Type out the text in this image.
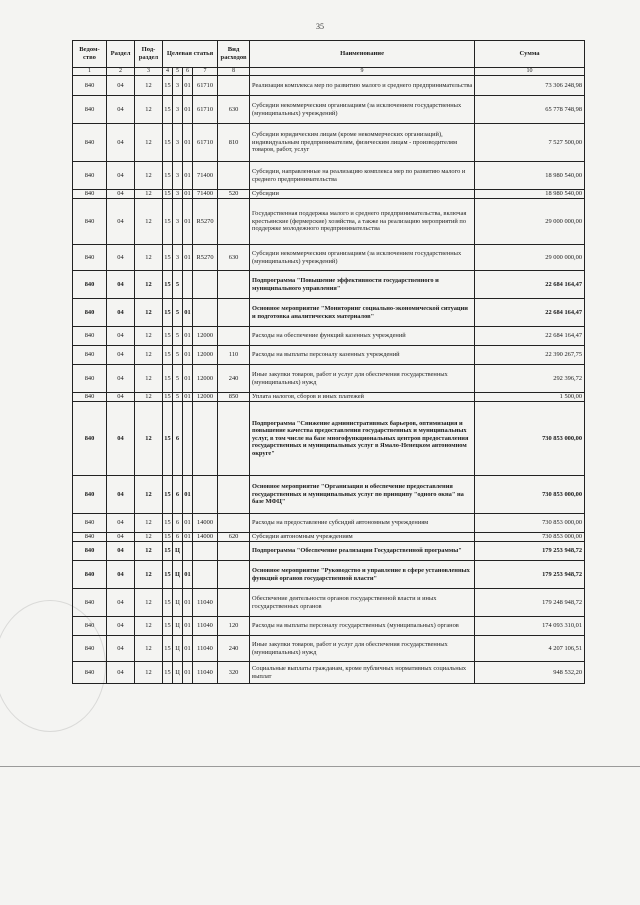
35
Ведом-ство	Раздел	Под-раздел	Целевая статья				Вид расходов	Наименование	Сумма
1	2	3	4	5	6	7	8	9	10
840	04	12	15	3	01	61710		Реализация комплекса мер по развитию малого и среднего предпринимательства	73 306 248,98
840	04	12	15	3	01	61710	630	Субсидии некоммерческим организациям (за исключением государственных (муниципальных) учреждений)	65 778 748,98
840	04	12	15	3	01	61710	810	Субсидии юридическим лицам (кроме некоммерческих организаций), индивидуальным предпринимателям, физическим лицам - производителям товаров, работ, услуг	7 527 500,00
840	04	12	15	3	01	71400		Субсидии, направленные на реализацию комплекса мер по развитию малого и среднего предпринимательства	18 980 540,00
840	04	12	15	3	01	71400	520	Субсидии	18 980 540,00
840	04	12	15	3	01	R5270		Государственная поддержка малого и среднего предпринимательства, включая крестьянские (фермерские) хозяйства, а также на реализацию мероприятий по поддержке молодежного предпринимательства	29 000 000,00
840	04	12	15	3	01	R5270	630	Субсидии некоммерческим организациям (за исключением государственных (муниципальных) учреждений)	29 000 000,00
840	04	12	15	5				Подпрограмма "Повышение эффективности государственного и муниципального управления"	22 684 164,47
840	04	12	15	5	01			Основное мероприятие "Мониторинг социально-экономической ситуации и подготовка аналитических материалов"	22 684 164,47
840	04	12	15	5	01	12000		Расходы на обеспечение функций казенных учреждений	22 684 164,47
840	04	12	15	5	01	12000	110	Расходы на выплаты персоналу казенных учреждений	22 390 267,75
840	04	12	15	5	01	12000	240	Иные закупки товаров, работ и услуг для обеспечения государственных (муниципальных) нужд	292 396,72
840	04	12	15	5	01	12000	850	Уплата налогов, сборов и иных платежей	1 500,00
840	04	12	15	6				Подпрограмма "Снижение административных барьеров, оптимизация и повышение качества предоставления государственных и муниципальных услуг, в том числе на базе многофункциональных центров предоставления государственных и муниципальных услуг в Ямало-Ненецком автономном округе"	730 853 000,00
840	04	12	15	6	01			Основное мероприятие "Организация и обеспечение предоставления государственных и муниципальных услуг по принципу "одного окна" на базе МФЦ"	730 853 000,00
840	04	12	15	6	01	14000		Расходы на предоставление субсидий автономным учреждениям	730 853 000,00
840	04	12	15	6	01	14000	620	Субсидии автономным учреждениям	730 853 000,00
840	04	12	15	Ц				Подпрограмма "Обеспечение реализации Государственной программы"	179 253 948,72
840	04	12	15	Ц	01			Основное мероприятие "Руководство и управление в сфере установленных функций органов государственной власти"	179 253 948,72
840	04	12	15	Ц	01	11040		Обеспечение деятельности органов государственной власти и иных государственных органов	179 248 948,72
840	04	12	15	Ц	01	11040	120	Расходы на выплаты персоналу государственных (муниципальных) органов	174 093 310,01
840	04	12	15	Ц	01	11040	240	Иные закупки товаров, работ и услуг для обеспечения государственных (муниципальных) нужд	4 207 106,51
840	04	12	15	Ц	01	11040	320	Социальные выплаты гражданам, кроме публичных нормативных социальных выплат	948 532,20
